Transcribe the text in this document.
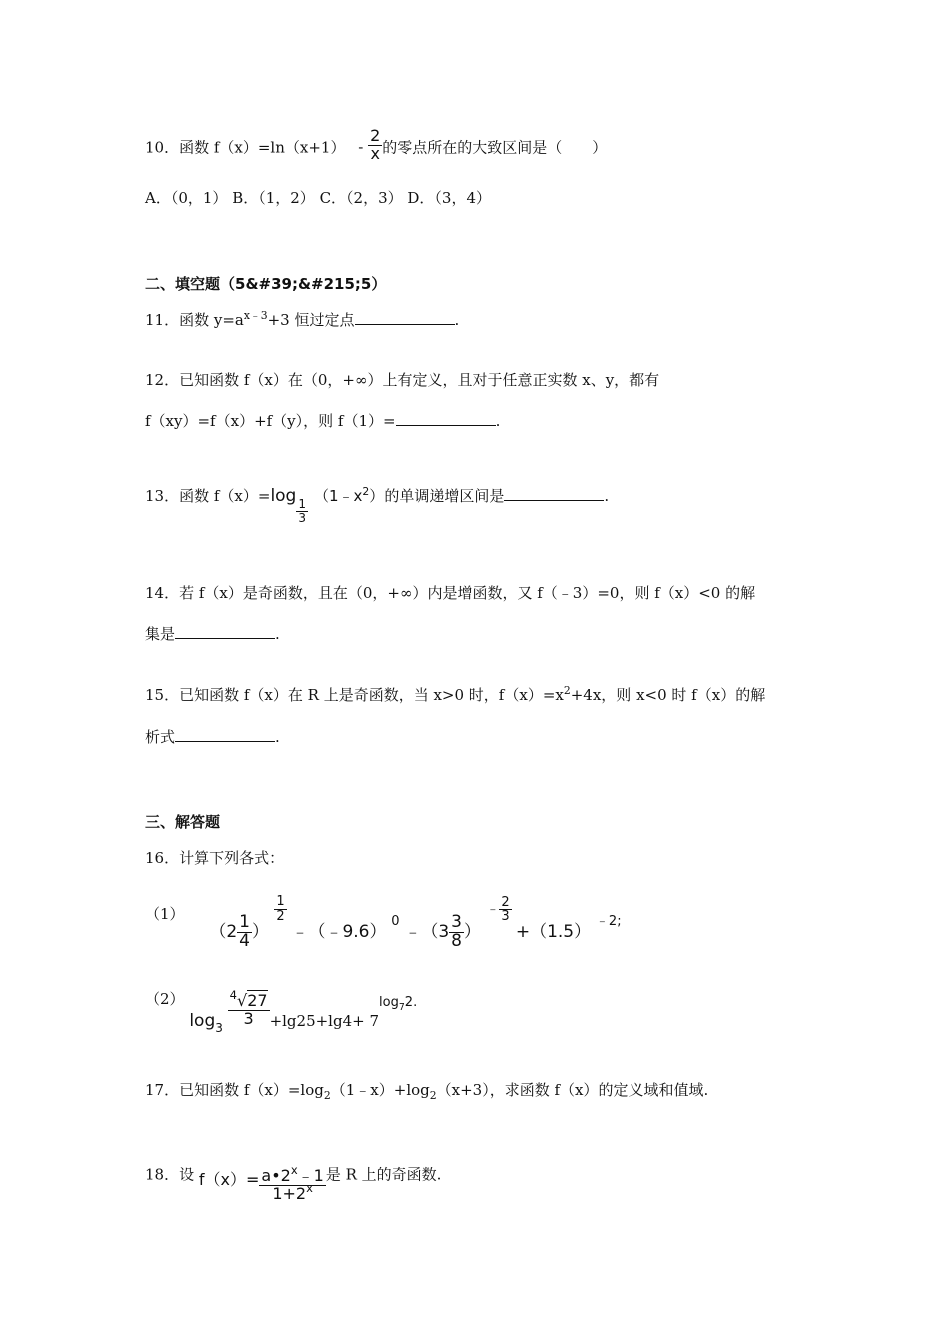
10．函数 $f(x)=\ln(x+1) - \frac{2}{x}$ 的零点所在的大致区间是（　　）
A．（0，1） B．（1，2） C．（2，3） D．（3，4）
二、填空题（5&#39;&#215;5）
11．函数 $y=a^{x﹣3}+3$ 恒过定点	.
12．已知函数 f（x）在（0，+∞）上有定义，且对于任意正实数 x、y，都有
f（xy）=f（x）+f（y），则 f（1）=	.
13．函数 f（x）=log
$\frac{1}{3}$
$(1﹣x^2)$的单调递增区间是	.
14．若 f（x）是奇函数，且在（0，+∞）内是增函数，又 f（﹣3）=0，则 f（x）<0 的解
集是	.
15．已知函数 f（x）在 R 上是奇函数，当 x>0 时，$f(x)=x^2+4x$，则 x<0 时 f（x）的解
析式	.
三、解答题
16．计算下列各式：
（1） （$2 \frac{1}{4}$ ）
$\frac{1}{2}$
﹣（﹣9.6） 0 ﹣（3 $\frac{3}{8}$ ） ﹣ $\frac{2}{3}$
+（1.5） ﹣2;
（2） $\log_3$
$\frac{^4√27}{3} +\lg 25+\lg 4+ 7\log_72$.
17．已知函数 $f(x)=\log_2(1﹣x)+\log_2(x+3)$，求函数 f（x）的定义域和值域.
18．设 $f(x)= \frac{a•2^x﹣1}{1+2^x}$ 是 R 上的奇函数.
